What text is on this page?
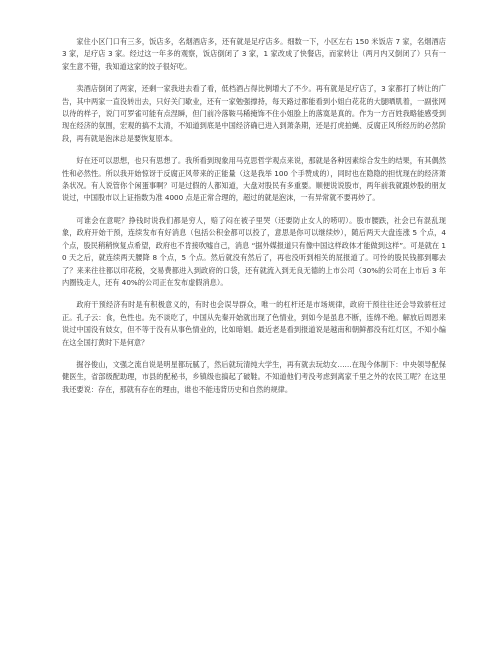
家住小区门口有三多，饭店多，名烟酒店多，还有就是足疗店多。细数一下，小区左右 150 米饭店 7 家，名烟酒店 3 家，足疗店 3 家。经过这一年多的观察，饭店倒闭了 3 家，1 家改成了快餐店，而家转让（两月内又倒闭了）只有一家生意不错，我知道这家的饺子很好吃。

卖酒店倒闭了两家，还剩一家我进去看了看，低档酒占得比例增大了不少。再有就是足疗店了，3 家都打了转让的广告，其中两家一直没转出去，只好关门歇业，还有一家勉强撑持，每天路过都能看到小姐白花花的大腿晒肌着，一副张网以待的样子，说门可罗雀可能有点涅瞬，但门前冷落鞍马稀掩饰不住小姐脸上的落寞是真的。作为一方百姓我略能感受到现在经济的氛围，宏观的搞不太清，不知道到底是中国经济确已进入到萧条期，还是打虎拍蝇、反腐正风所经历的必然阶段，再有就是泡沫总是要恢复原本。

好在还可以思想，也只有思想了。我所看到现象用马克思哲学观点来说，那就是各种因素综合发生的结果，有其偶然性和必然性。所以我开始惊讶于反腐正风带来的正能量（这是我举 100 个手赞成的），同时也在隐隐的担忧现在的经济萧条状况。有人说管你个闲蛋事啊？可是过假的人都知道，大盘对股民有多重要。顺便说说股市，两年前我就跟炒股的朋友说过，中国股市以上证指数为准 4000 点是正常合理的，超过的就是泡沫，一有异常就不要再炒了。

可谁会在意呢？挣钱时说我们都是穷人，赔了闷在被子里哭（还要防止女人的唠叨）。股市腰跌，社会已有混乱现象，政府开始干预，连续发布有好消息（包括公积金都可以投了，意思是你可以继续炒），随后两天大盘连涨 5 个点，4 个点，股民稍稍恢复点希望，政府也不肯接吹嘘自己，消息 “据外媒报道只有像中国这样政体才能做到这样”。可是就在 10 天之后，就连续两天腰降 8 个点，5 个点。然后就没有然后了，再也没听到相关的屁报道了。可怜的股民钱都到哪去了？来来往往都以印花税，交易费都进入到政府的口袋，还有就流入到无良无德的上市公司（30%的公司在上市后 3 年内圈钱走人，还有 40%的公司正在发布虚假消息）。

政府干预经济有时是有积极意义的，有时也会误导群众，唯一的杠杆还是市场规律，政府干预往往还会导致骄枉过正。孔子云：食，色性也。先不谈吃了，中国从先秦开始就出现了色情业，到如今是虽息不断，连绵不绝。解放后周恩来说过中国没有妓女，但不等于没有从事色情业的，比如暗娼。最近老是看到报道说是越南和朝鲜都没有红灯区，不知小编在这全国打黄时下是何意？

掘谷俊山，文强之流自说是明星都玩腻了，然后就玩清纯大学生，再有就去玩幼女……在现今体制下：中央领导配保健医生，省部级配助理，市县的配秘书，乡镇级也搞起了破鞋。不知道他们考没考虑到离家千里之外的农民工呢？在这里我还要说：存在，那就有存在的理由，谁也不能违背历史和自然的规律。
